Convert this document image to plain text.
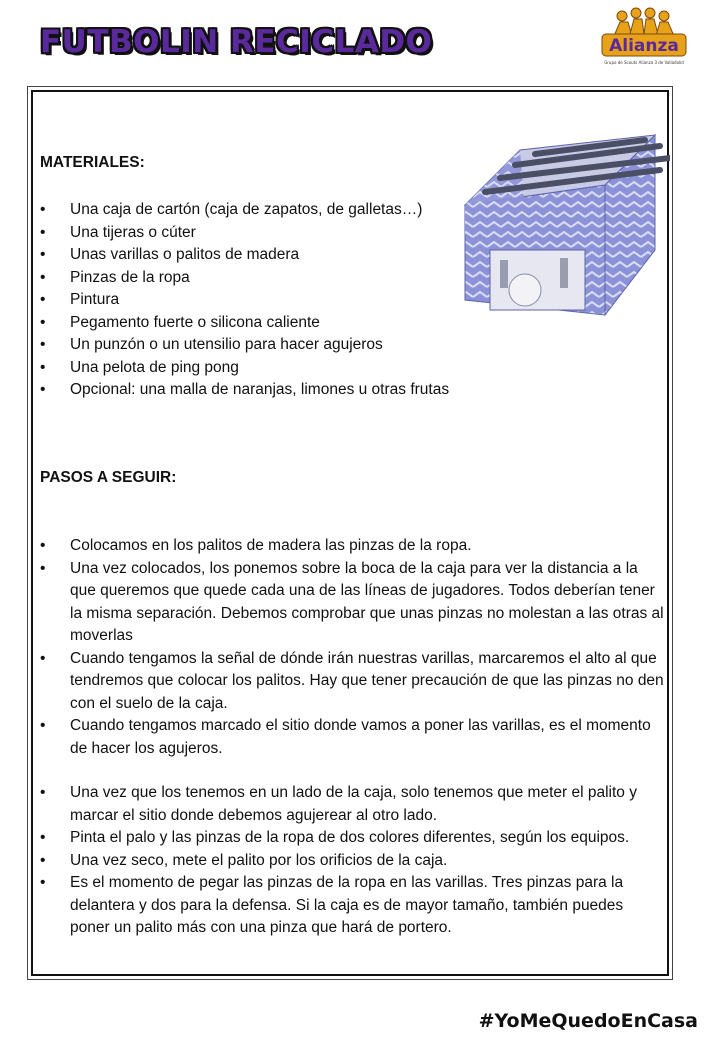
FUTBOLIN RECICLADO	Alianza
Grupo de Scouts Alianza 3 de Valladolid
MATERIALES:
• Una caja de cartón (caja de zapatos, de galletas…)
• Una tijeras o cúter
• Unas varillas o palitos de madera
• Pinzas de la ropa
• Pintura
• Pegamento fuerte o silicona caliente
• Un punzón o un utensilio para hacer agujeros
• Una pelota de ping pong
• Opcional: una malla de naranjas, limones u otras frutas
PASOS A SEGUIR:
• Colocamos en los palitos de madera las pinzas de la ropa.
• Una vez colocados, los ponemos sobre la boca de la caja para ver la distancia a la que queremos que quede cada una de las líneas de jugadores. Todos deberían tener la misma separación. Debemos comprobar que unas pinzas no molestan a las otras al moverlas
• Cuando tengamos la señal de dónde irán nuestras varillas, marcaremos el alto al que tendremos que colocar los palitos. Hay que tener precaución de que las pinzas no den con el suelo de la caja.
• Cuando tengamos marcado el sitio donde vamos a poner las varillas, es el momento de hacer los agujeros.
• Una vez que los tenemos en un lado de la caja, solo tenemos que meter el palito y marcar el sitio donde debemos agujerear al otro lado.
• Pinta el palo y las pinzas de la ropa de dos colores diferentes, según los equipos.
• Una vez seco, mete el palito por los orificios de la caja.
• Es el momento de pegar las pinzas de la ropa en las varillas. Tres pinzas para la delantera y dos para la defensa. Si la caja es de mayor tamaño, también puedes poner un palito más con una pinza que hará de portero.
#YoMeQuedoEnCasa
